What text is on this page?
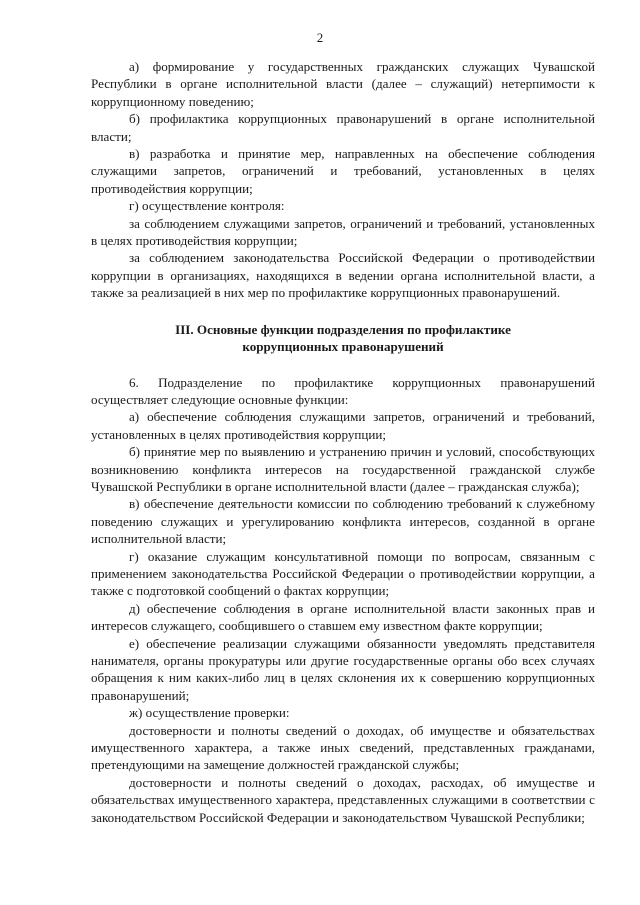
2

а) формирование у государственных гражданских служащих Чувашской Республики в органе исполнительной власти (далее – служащий) нетерпимости к коррупционному поведению;

б) профилактика коррупционных правонарушений в органе исполнительной власти;

в) разработка и принятие мер, направленных на обеспечение соблюдения служащими запретов, ограничений и требований, установленных в целях противодействия коррупции;

г) осуществление контроля:

за соблюдением служащими запретов, ограничений и требований, установленных в целях противодействия коррупции;

за соблюдением законодательства Российской Федерации о противодействии коррупции в организациях, находящихся в ведении органа исполнительной власти, а также за реализацией в них мер по профилактике коррупционных правонарушений.

III. Основные функции подразделения по профилактике
коррупционных правонарушений

6. Подразделение по профилактике коррупционных правонарушений осуществляет следующие основные функции:

а) обеспечение соблюдения служащими запретов, ограничений и требований, установленных в целях противодействия коррупции;

б) принятие мер по выявлению и устранению причин и условий, способствующих возникновению конфликта интересов на государственной гражданской службе Чувашской Республики в органе исполнительной власти (далее – гражданская служба);

в) обеспечение деятельности комиссии по соблюдению требований к служебному поведению служащих и урегулированию конфликта интересов, созданной в органе исполнительной власти;

г) оказание служащим консультативной помощи по вопросам, связанным с применением законодательства Российской Федерации о противодействии коррупции, а также с подготовкой сообщений о фактах коррупции;

д) обеспечение соблюдения в органе исполнительной власти законных прав и интересов служащего, сообщившего о ставшем ему известном факте коррупции;

е) обеспечение реализации служащими обязанности уведомлять представителя нанимателя, органы прокуратуры или другие государственные органы обо всех случаях обращения к ним каких-либо лиц в целях склонения их к совершению коррупционных правонарушений;

ж) осуществление проверки:

достоверности и полноты сведений о доходах, об имуществе и обязательствах имущественного характера, а также иных сведений, представленных гражданами, претендующими на замещение должностей гражданской службы;

достоверности и полноты сведений о доходах, расходах, об имуществе и обязательствах имущественного характера, представленных служащими в соответствии с законодательством Российской Федерации и законодательством Чувашской Республики;
